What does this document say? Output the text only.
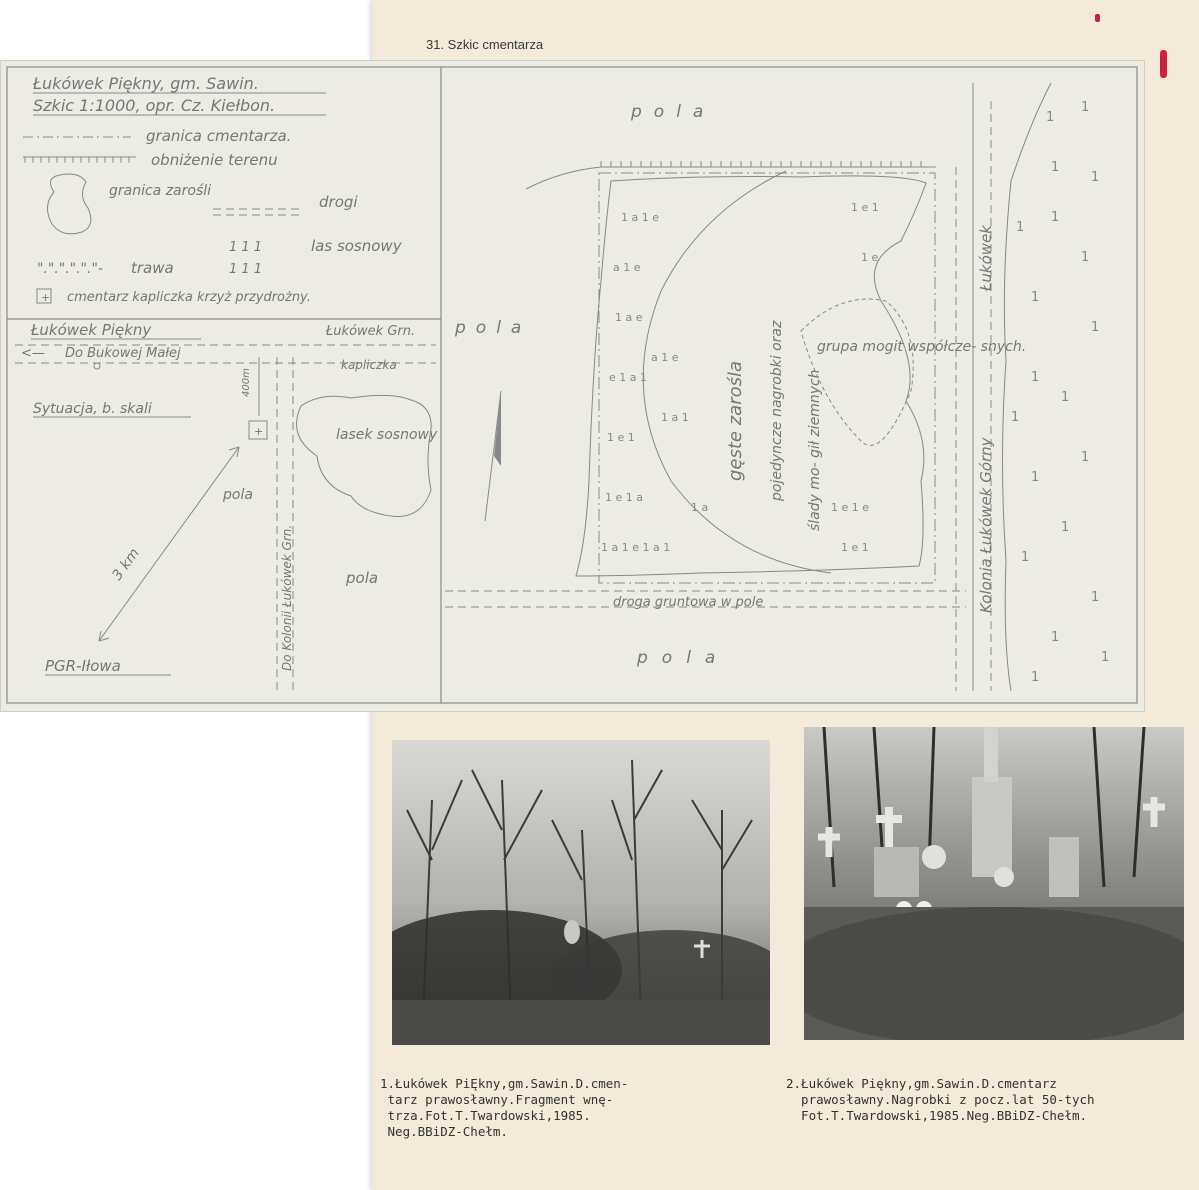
31. Szkic cmentarza
Łukówek Piękny, gm. Sawin.
Szkic 1:1000, opr. Cz. Kiełbon.
granica cmentarza.
obniżenie terenu
granica zarośli
drogi
1 1 1
1 1 1
las sosnowy
"."."."."."- trawa
+ cmentarz kapliczka krzyż przydrożny.
Łukówek Piękny	Łukówek Grn.
<— Do Bukowej Małej
kapliczka
400m
+
Sytuacja, b. skali
Do Kolonii Łukówek Grn.
lasek sosnowy
pola
pola
3 km
PGR-Iłowa
pola
pola
pola
gęste zarośla pojedyncze nagrobki oraz ślady mo- gił ziemnych
grupa mogit współcze- snych.
1 a 1 e
a 1 e
1 a e
e 1 a 1
1 e 1
1 e 1 a
1 a 1 e 1 a 1
a 1 e
1 a 1
1 a
1 e 1
1 e
1 e 1 e
1 e 1
droga gruntowa w pole
Łukówek
Kolonia Łukówek Górny
1
1
1
1
1
1
1
1
1
1
1
1
1
1
1
1
1
1
1
1
1.Łukówek PiĘkny,gm.Sawin.D.cmen-
tarz prawosławny.Fragment wnę-
trza.Fot.T.Twardowski,1985.
Neg.BBiDZ-Chełm.
2.Łukówek Piękny,gm.Sawin.D.cmentarz
prawosławny.Nagrobki z pocz.lat 50-tych
Fot.T.Twardowski,1985.Neg.BBiDZ-Chełm.
